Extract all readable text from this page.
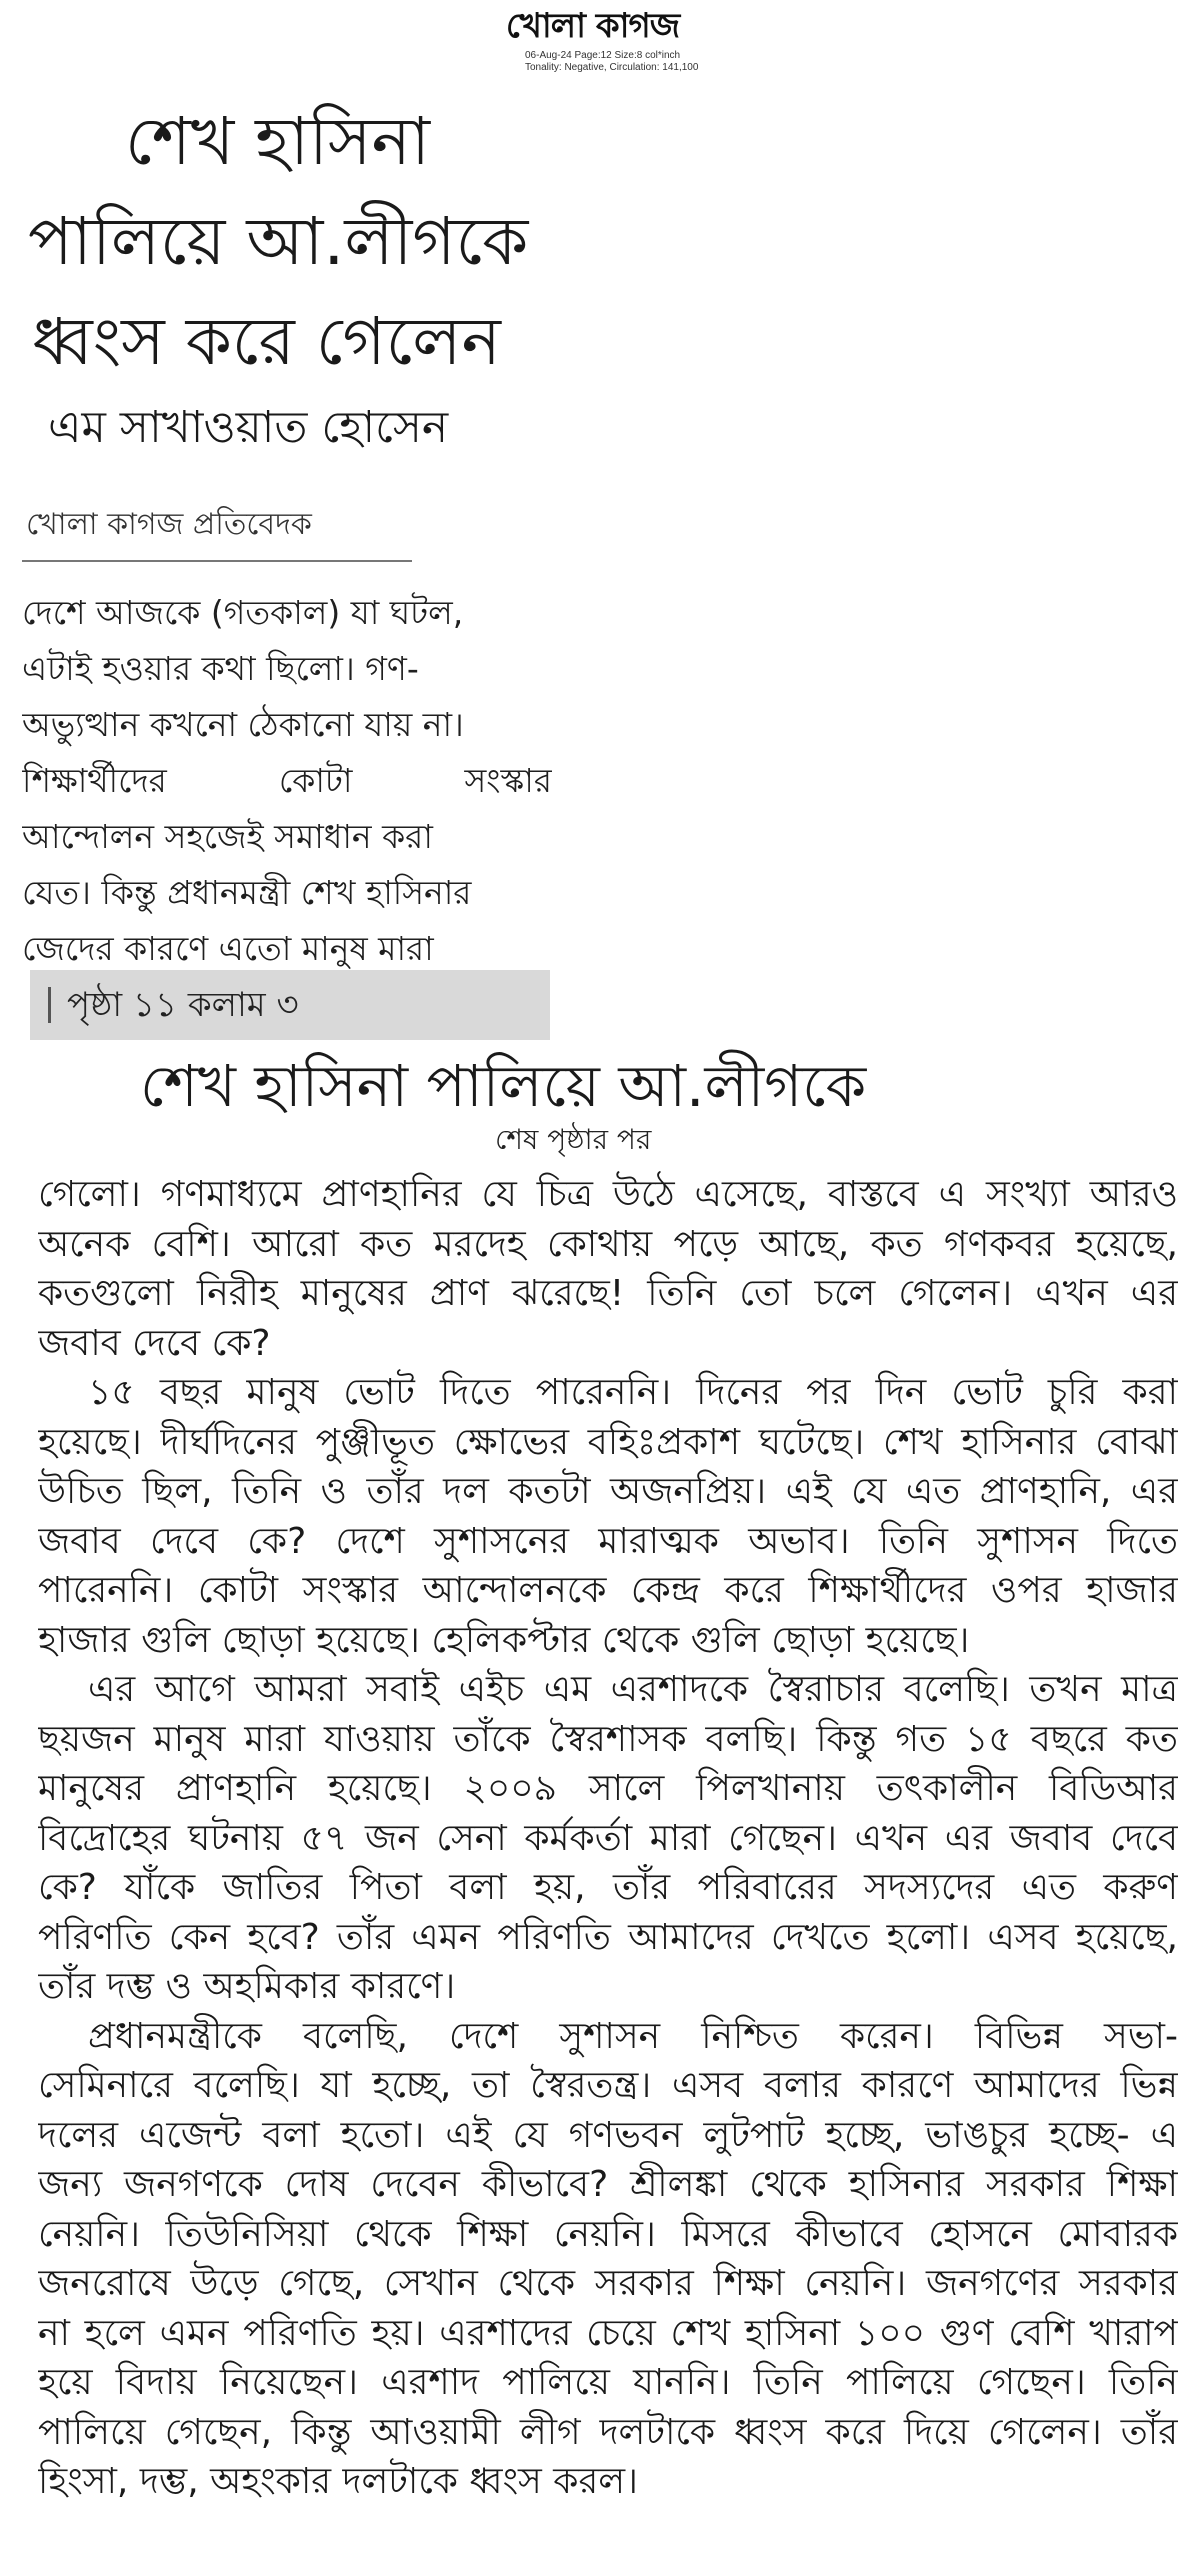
খোলা কাগজ
06-Aug-24 Page:12 Size:8 col*inch
Tonality: Negative, Circulation: 141,100
শেখ হাসিনা
পালিয়ে আ.লীগকে
ধ্বংস করে গেলেন
এম সাখাওয়াত হোসেন
খোলা কাগজ প্রতিবেদক
দেশে আজকে (গতকাল) যা ঘটল,
এটাই হওয়ার কথা ছিলো। গণ-
অভ্যুত্থান কখনো ঠেকানো যায় না।
শিক্ষার্থীদের কোটা সংস্কার
আন্দোলন সহজেই সমাধান করা
যেত। কিন্তু প্রধানমন্ত্রী শেখ হাসিনার
জেদের কারণে এতো মানুষ মারা
পৃষ্ঠা ১১ কলাম ৩
শেখ হাসিনা পালিয়ে আ.লীগকে
শেষ পৃষ্ঠার পর
গেলো। গণমাধ্যমে প্রাণহানির যে চিত্র উঠে এসেছে, বাস্তবে এ সংখ্যা আরও
অনেক বেশি। আরো কত মরদেহ কোথায় পড়ে আছে, কত গণকবর হয়েছে,
কতগুলো নিরীহ মানুষের প্রাণ ঝরেছে! তিনি তো চলে গেলেন। এখন এর
জবাব দেবে কে?
১৫ বছর মানুষ ভোট দিতে পারেননি। দিনের পর দিন ভোট চুরি করা
হয়েছে। দীর্ঘদিনের পুঞ্জীভূত ক্ষোভের বহিঃপ্রকাশ ঘটেছে। শেখ হাসিনার বোঝা
উচিত ছিল, তিনি ও তাঁর দল কতটা অজনপ্রিয়। এই যে এত প্রাণহানি, এর
জবাব দেবে কে? দেশে সুশাসনের মারাত্মক অভাব। তিনি সুশাসন দিতে
পারেননি। কোটা সংস্কার আন্দোলনকে কেন্দ্র করে শিক্ষার্থীদের ওপর হাজার
হাজার গুলি ছোড়া হয়েছে। হেলিকপ্টার থেকে গুলি ছোড়া হয়েছে।
এর আগে আমরা সবাই এইচ এম এরশাদকে স্বৈরাচার বলেছি। তখন মাত্র
ছয়জন মানুষ মারা যাওয়ায় তাঁকে স্বৈরশাসক বলছি। কিন্তু গত ১৫ বছরে কত
মানুষের প্রাণহানি হয়েছে। ২০০৯ সালে পিলখানায় তৎকালীন বিডিআর
বিদ্রোহের ঘটনায় ৫৭ জন সেনা কর্মকর্তা মারা গেছেন। এখন এর জবাব দেবে
কে? যাঁকে জাতির পিতা বলা হয়, তাঁর পরিবারের সদস্যদের এত করুণ
পরিণতি কেন হবে? তাঁর এমন পরিণতি আমাদের দেখতে হলো। এসব হয়েছে,
তাঁর দম্ভ ও অহমিকার কারণে।
প্রধানমন্ত্রীকে বলেছি, দেশে সুশাসন নিশ্চিত করেন। বিভিন্ন সভা-
সেমিনারে বলেছি। যা হচ্ছে, তা স্বৈরতন্ত্র। এসব বলার কারণে আমাদের ভিন্ন
দলের এজেন্ট বলা হতো। এই যে গণভবন লুটপাট হচ্ছে, ভাঙচুর হচ্ছে- এ
জন্য জনগণকে দোষ দেবেন কীভাবে? শ্রীলঙ্কা থেকে হাসিনার সরকার শিক্ষা
নেয়নি। তিউনিসিয়া থেকে শিক্ষা নেয়নি। মিসরে কীভাবে হোসনে মোবারক
জনরোষে উড়ে গেছে, সেখান থেকে সরকার শিক্ষা নেয়নি। জনগণের সরকার
না হলে এমন পরিণতি হয়। এরশাদের চেয়ে শেখ হাসিনা ১০০ গুণ বেশি খারাপ
হয়ে বিদায় নিয়েছেন। এরশাদ পালিয়ে যাননি। তিনি পালিয়ে গেছেন। তিনি
পালিয়ে গেছেন, কিন্তু আওয়ামী লীগ দলটাকে ধ্বংস করে দিয়ে গেলেন। তাঁর
হিংসা, দম্ভ, অহংকার দলটাকে ধ্বংস করল।
